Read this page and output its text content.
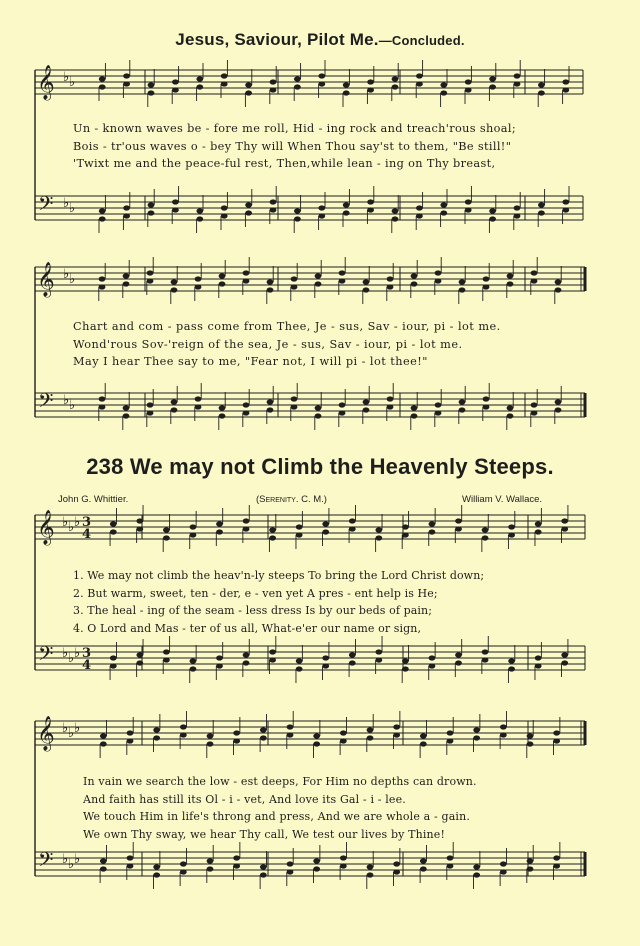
Jesus, Saviour, Pilot Me.—Concluded.
𝄞
𝄢
♭ ♭
♭ ♭
𝄞
𝄢
♭ ♭
♭ ♭
𝄞
𝄢
♭ ♭ ♭
♭ ♭ ♭
3
4
3
4
𝄞
𝄢
♭ ♭ ♭
♭ ♭ ♭
Un - known waves be - fore me roll, Hid - ing rock and treach'rous shoal;
Bois - tr'ous waves o - bey Thy will When Thou say'st to them, "Be still!"
'Twixt me and the peace-ful rest, Then,while lean - ing on Thy breast,
Chart and com - pass come from Thee, Je - sus, Sav - iour, pi - lot me.
Wond'rous Sov-'reign of the sea, Je - sus, Sav - iour, pi - lot me.
May I hear Thee say to me, "Fear not, I will pi - lot thee!"
238 We may not Climb the Heavenly Steeps.
John G. Whittier.	(Serenity. C. M.)	William V. Wallace.
1. We may not climb the heav'n-ly steeps To bring the Lord Christ down;
2. But warm, sweet, ten - der, e - ven yet A pres - ent help is He;
3. The heal - ing of the seam - less dress Is by our beds of pain;
4. O Lord and Mas - ter of us all, What-e'er our name or sign,
In vain we search the low - est deeps, For Him no depths can drown.
And faith has still its Ol - i - vet, And love its Gal - i - lee.
We touch Him in life's throng and press, And we are whole a - gain.
We own Thy sway, we hear Thy call, We test our lives by Thine!
